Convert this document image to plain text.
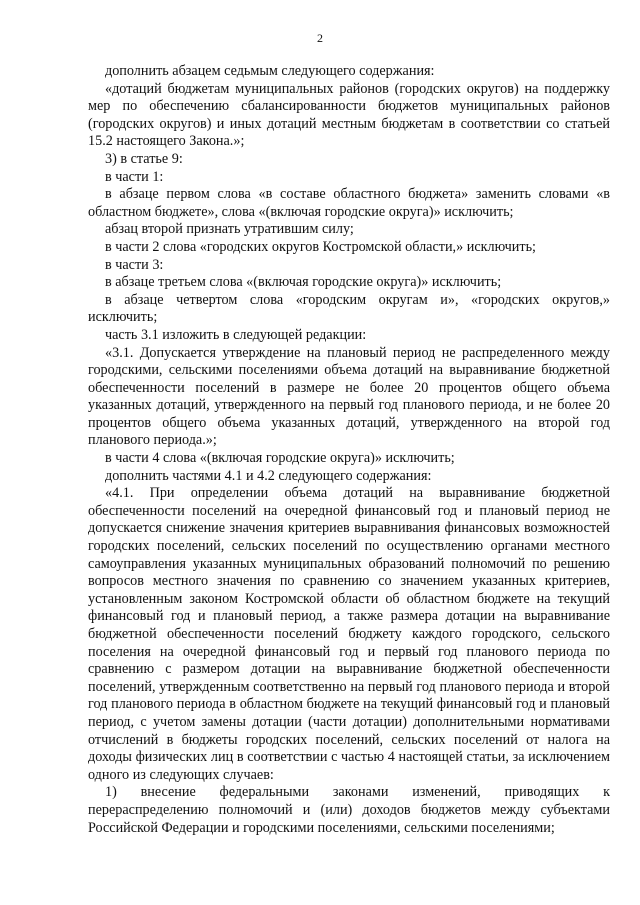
2

дополнить абзацем седьмым следующего содержания:

«дотаций бюджетам муниципальных районов (городских округов) на поддержку мер по обеспечению сбалансированности бюджетов муниципальных районов (городских округов) и иных дотаций местным бюджетам в соответствии со статьей 15.2 настоящего Закона.»;

3) в статье 9:

в части 1:

в абзаце первом слова «в составе областного бюджета» заменить словами «в областном бюджете», слова «(включая городские округа)» исключить;

абзац второй признать утратившим силу;

в части 2 слова «городских округов Костромской области,» исключить;

в части 3:

в абзаце третьем слова «(включая городские округа)» исключить;

в абзаце четвертом слова «городским округам и», «городских округов,» исключить;

часть 3.1 изложить в следующей редакции:

«3.1. Допускается утверждение на плановый период не распределенного между городскими, сельскими поселениями объема дотаций на выравнивание бюджетной обеспеченности поселений в размере не более 20 процентов общего объема указанных дотаций, утвержденного на первый год планового периода, и не более 20 процентов общего объема указанных дотаций, утвержденного на второй год планового периода.»;

в части 4 слова «(включая городские округа)» исключить;

дополнить частями 4.1 и 4.2 следующего содержания:

«4.1. При определении объема дотаций на выравнивание бюджетной обеспеченности поселений на очередной финансовый год и плановый период не допускается снижение значения критериев выравнивания финансовых возможностей городских поселений, сельских поселений по осуществлению органами местного самоуправления указанных муниципальных образований полномочий по решению вопросов местного значения по сравнению со значением указанных критериев, установленным законом Костромской области об областном бюджете на текущий финансовый год и плановый период, а также размера дотации на выравнивание бюджетной обеспеченности поселений бюджету каждого городского, сельского поселения на очередной финансовый год и первый год планового периода по сравнению с размером дотации на выравнивание бюджетной обеспеченности поселений, утвержденным соответственно на первый год планового периода и второй год планового периода в областном бюджете на текущий финансовый год и плановый период, с учетом замены дотации (части дотации) дополнительными нормативами отчислений в бюджеты городских поселений, сельских поселений от налога на доходы физических лиц в соответствии с частью 4 настоящей статьи, за исключением одного из следующих случаев:

1) внесение федеральными законами изменений, приводящих к перераспределению полномочий и (или) доходов бюджетов между субъектами Российской Федерации и городскими поселениями, сельскими поселениями;
